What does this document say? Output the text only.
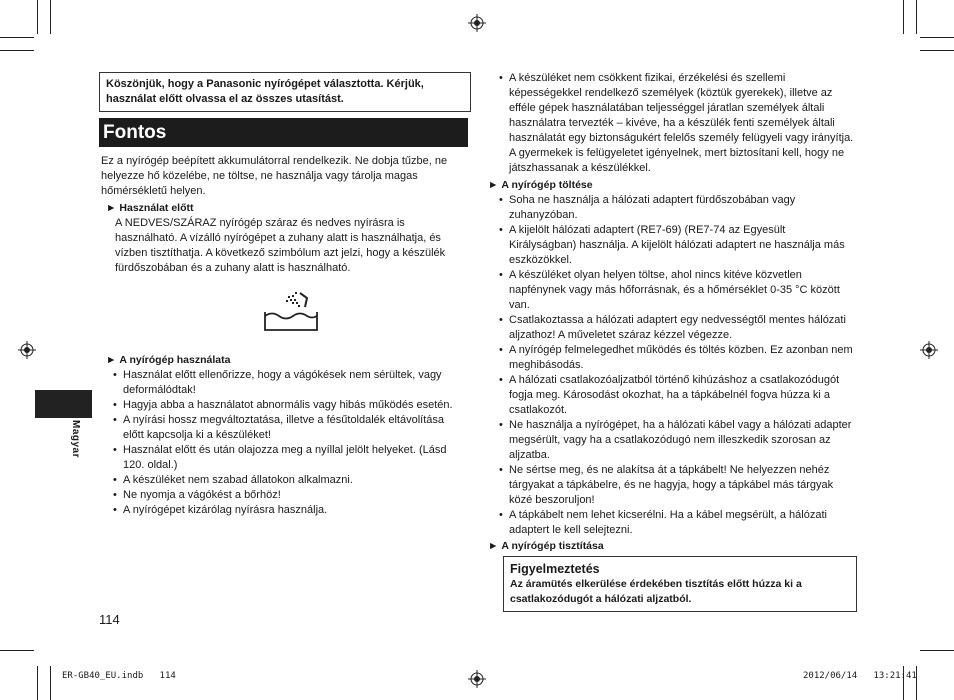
Köszönjük, hogy a Panasonic nyírógépet választotta. Kérjük, használat előtt olvassa el az összes utasítást.
Fontos
Ez a nyírógép beépített akkumulátorral rendelkezik. Ne dobja tűzbe, ne helyezze hő közelébe, ne töltse, ne használja vagy tárolja magas hőmérsékletű helyen.
► Használat előtt
A NEDVES/SZÁRAZ nyírógép száraz és nedves nyírásra is használható. A vízálló nyírógépet a zuhany alatt is használhatja, és vízben tisztíthatja. A következő szimbólum azt jelzi, hogy a készülék fürdőszobában és a zuhany alatt is használható.
► A nyírógép használata
• Használat előtt ellenőrizze, hogy a vágókések nem sérültek, vagy deformálódtak!
• Hagyja abba a használatot abnormális vagy hibás működés esetén.
• A nyírási hossz megváltoztatása, illetve a fésűtoldalék eltávolítása előtt kapcsolja ki a készüléket!
• Használat előtt és után olajozza meg a nyíllal jelölt helyeket. (Lásd 120. oldal.)
• A készüléket nem szabad állatokon alkalmazni.
• Ne nyomja a vágókést a bőrhöz!
• A nyírógépet kizárólag nyírásra használja.
Magyar
114
• A készüléket nem csökkent fizikai, érzékelési és szellemi képességekkel rendelkező személyek (köztük gyerekek), illetve az efféle gépek használatában teljességgel járatlan személyek általi használatra tervezték – kivéve, ha a készülék fenti személyek általi használatát egy biztonságukért felelős személy felügyeli vagy irányítja. A gyermekek is felügyeletet igényelnek, mert biztosítani kell, hogy ne játszhassanak a készülékkel.
► A nyírógép töltése
• Soha ne használja a hálózati adaptert fürdőszobában vagy zuhanyzóban.
• A kijelölt hálózati adaptert (RE7-69) (RE7-74 az Egyesült Királyságban) használja. A kijelölt hálózati adaptert ne használja más eszközökkel.
• A készüléket olyan helyen töltse, ahol nincs kitéve közvetlen napfénynek vagy más hőforrásnak, és a hőmérséklet 0-35 °C között van.
• Csatlakoztassa a hálózati adaptert egy nedvességtől mentes hálózati aljzathoz! A műveletet száraz kézzel végezze.
• A nyírógép felmelegedhet működés és töltés közben. Ez azonban nem meghibásodás.
• A hálózati csatlakozóaljzatból történő kihúzáshoz a csatlakozódugót fogja meg. Károsodást okozhat, ha a tápkábelnél fogva húzza ki a csatlakozót.
• Ne használja a nyírógépet, ha a hálózati kábel vagy a hálózati adapter megsérült, vagy ha a csatlakozódugó nem illeszkedik szorosan az aljzatba.
• Ne sértse meg, és ne alakítsa át a tápkábelt! Ne helyezzen nehéz tárgyakat a tápkábelre, és ne hagyja, hogy a tápkábel más tárgyak közé beszoruljon!
• A tápkábelt nem lehet kicserélni. Ha a kábel megsérült, a hálózati adaptert le kell selejtezni.
► A nyírógép tisztítása
Figyelmeztetés
Az áramütés elkerülése érdekében tisztítás előtt húzza ki a csatlakozódugót a hálózati aljzatból.
ER-GB40_EU.indb   114	2012/06/14   13:21:41
